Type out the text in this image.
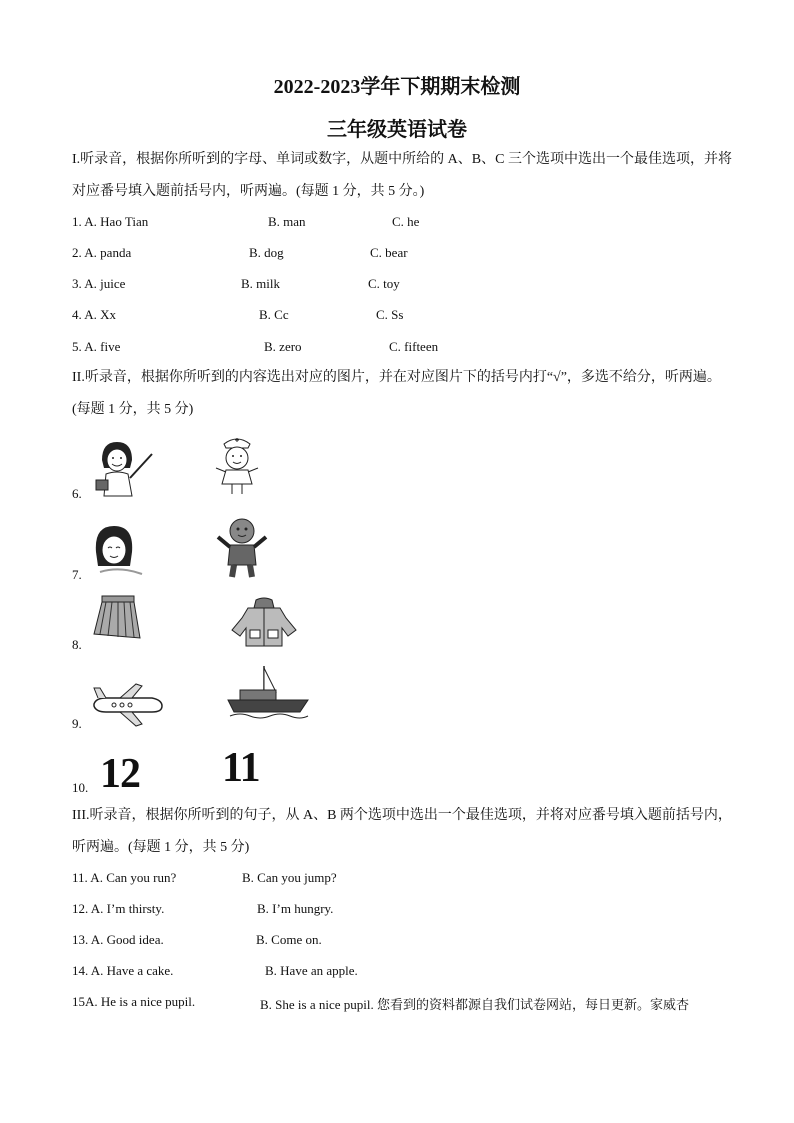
2022-2023学年下期期末检测
三年级英语试卷
I.听录音，根据你所听到的字母、单词或数字，从题中所给的 A、B、C 三个选项中选出一个最佳选项，并将对应番号填入题前括号内，听两遍。(每题 1 分，共 5 分。)
1. A. Hao Tian	B. man	C. he
2. A. panda	B. dog	C. bear
3. A. juice	B. milk	C. toy
4. A. Xx	B. Cc	C. Ss
5. A. five	B. zero	C. fifteen
II.听录音，根据你所听到的内容选出对应的图片，并在对应图片下的括号内打“√”，多选不给分，听两遍。(每题 1 分，共 5 分)
6.
7.
8.
9.
10. 12 11
III.听录音，根据你所听到的句子，从 A、B 两个选项中选出一个最佳选项，并将对应番号填入题前括号内，听两遍。(每题 1 分，共 5 分)
11. A. Can you run?	B. Can you jump?
12. A. I’m thirsty.	B. I’m hungry.
13. A. Good idea.	B. Come on.
14. A. Have a cake.	B. Have an apple.
15A. He is a nice pupil.	B. She is a nice pupil. 您看到的资料都源自我们试卷网站，每日更新。家威杏
